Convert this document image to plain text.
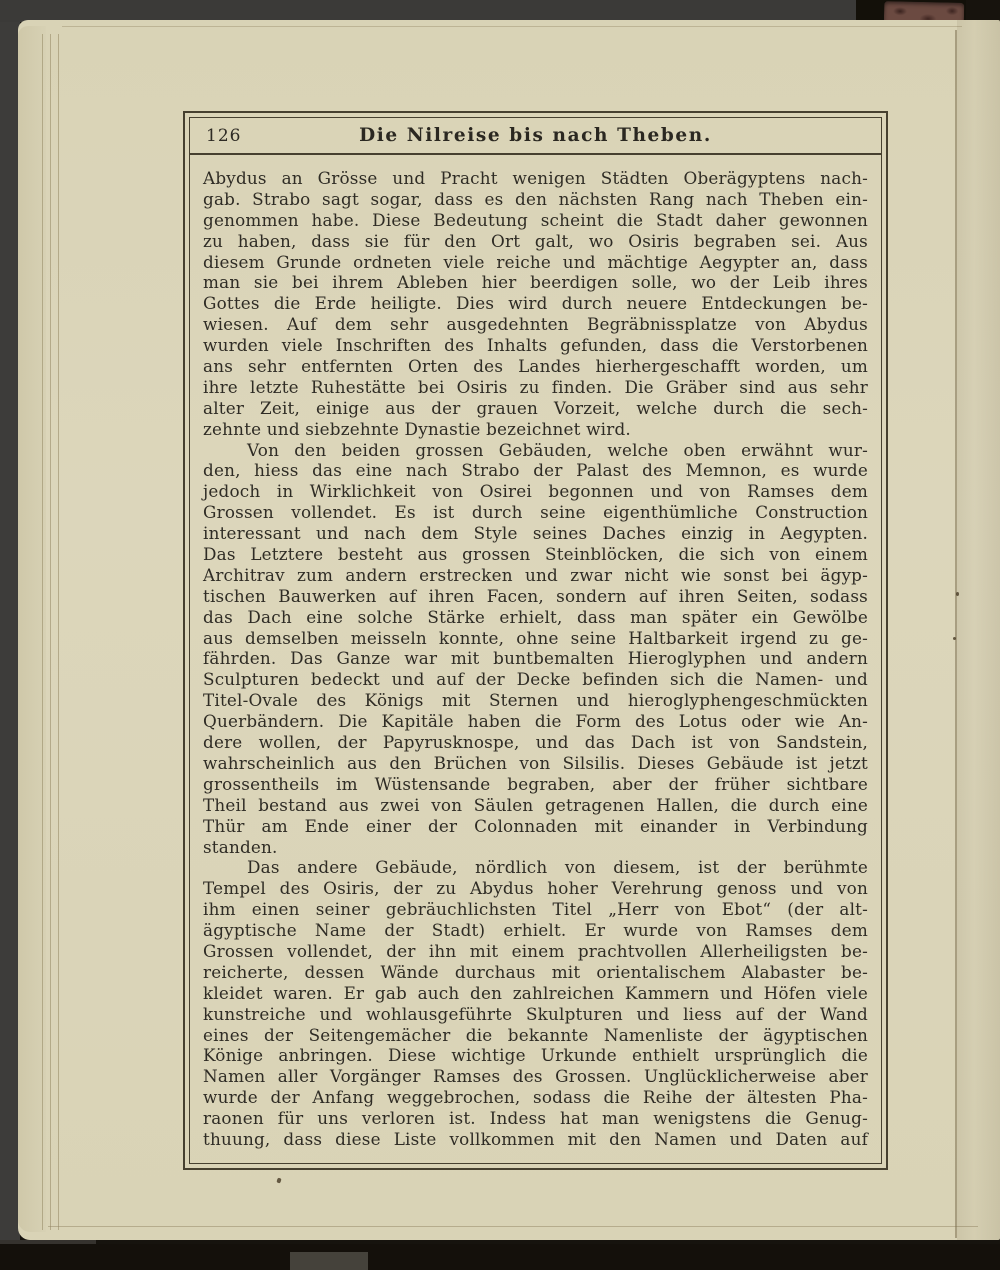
126	Die Nilreise bis nach Theben.
Abydus an Grösse und Pracht wenigen Städten Oberägyptens nach-
gab. Strabo sagt sogar, dass es den nächsten Rang nach Theben ein-
genommen habe. Diese Bedeutung scheint die Stadt daher gewonnen
zu haben, dass sie für den Ort galt, wo Osiris begraben sei. Aus
diesem Grunde ordneten viele reiche und mächtige Aegypter an, dass
man sie bei ihrem Ableben hier beerdigen solle, wo der Leib ihres
Gottes die Erde heiligte. Dies wird durch neuere Entdeckungen be-
wiesen. Auf dem sehr ausgedehnten Begräbnissplatze von Abydus
wurden viele Inschriften des Inhalts gefunden, dass die Verstorbenen
ans sehr entfernten Orten des Landes hierhergeschafft worden, um
ihre letzte Ruhestätte bei Osiris zu finden. Die Gräber sind aus sehr
alter Zeit, einige aus der grauen Vorzeit, welche durch die sech-
zehnte und siebzehnte Dynastie bezeichnet wird.
Von den beiden grossen Gebäuden, welche oben erwähnt wur-
den, hiess das eine nach Strabo der Palast des Memnon, es wurde
jedoch in Wirklichkeit von Osirei begonnen und von Ramses dem
Grossen vollendet. Es ist durch seine eigenthümliche Construction
interessant und nach dem Style seines Daches einzig in Aegypten.
Das Letztere besteht aus grossen Steinblöcken, die sich von einem
Architrav zum andern erstrecken und zwar nicht wie sonst bei ägyp-
tischen Bauwerken auf ihren Facen, sondern auf ihren Seiten, sodass
das Dach eine solche Stärke erhielt, dass man später ein Gewölbe
aus demselben meisseln konnte, ohne seine Haltbarkeit irgend zu ge-
fährden. Das Ganze war mit buntbemalten Hieroglyphen und andern
Sculpturen bedeckt und auf der Decke befinden sich die Namen- und
Titel-Ovale des Königs mit Sternen und hieroglyphengeschmückten
Querbändern. Die Kapitäle haben die Form des Lotus oder wie An-
dere wollen, der Papyrusknospe, und das Dach ist von Sandstein,
wahrscheinlich aus den Brüchen von Silsilis. Dieses Gebäude ist jetzt
grossentheils im Wüstensande begraben, aber der früher sichtbare
Theil bestand aus zwei von Säulen getragenen Hallen, die durch eine
Thür am Ende einer der Colonnaden mit einander in Verbindung
standen.
Das andere Gebäude, nördlich von diesem, ist der berühmte
Tempel des Osiris, der zu Abydus hoher Verehrung genoss und von
ihm einen seiner gebräuchlichsten Titel „Herr von Ebot“ (der alt-
ägyptische Name der Stadt) erhielt. Er wurde von Ramses dem
Grossen vollendet, der ihn mit einem prachtvollen Allerheiligsten be-
reicherte, dessen Wände durchaus mit orientalischem Alabaster be-
kleidet waren. Er gab auch den zahlreichen Kammern und Höfen viele
kunstreiche und wohlausgeführte Skulpturen und liess auf der Wand
eines der Seitengemächer die bekannte Namenliste der ägyptischen
Könige anbringen. Diese wichtige Urkunde enthielt ursprünglich die
Namen aller Vorgänger Ramses des Grossen. Unglücklicherweise aber
wurde der Anfang weggebrochen, sodass die Reihe der ältesten Pha-
raonen für uns verloren ist. Indess hat man wenigstens die Genug-
thuung, dass diese Liste vollkommen mit den Namen und Daten auf
